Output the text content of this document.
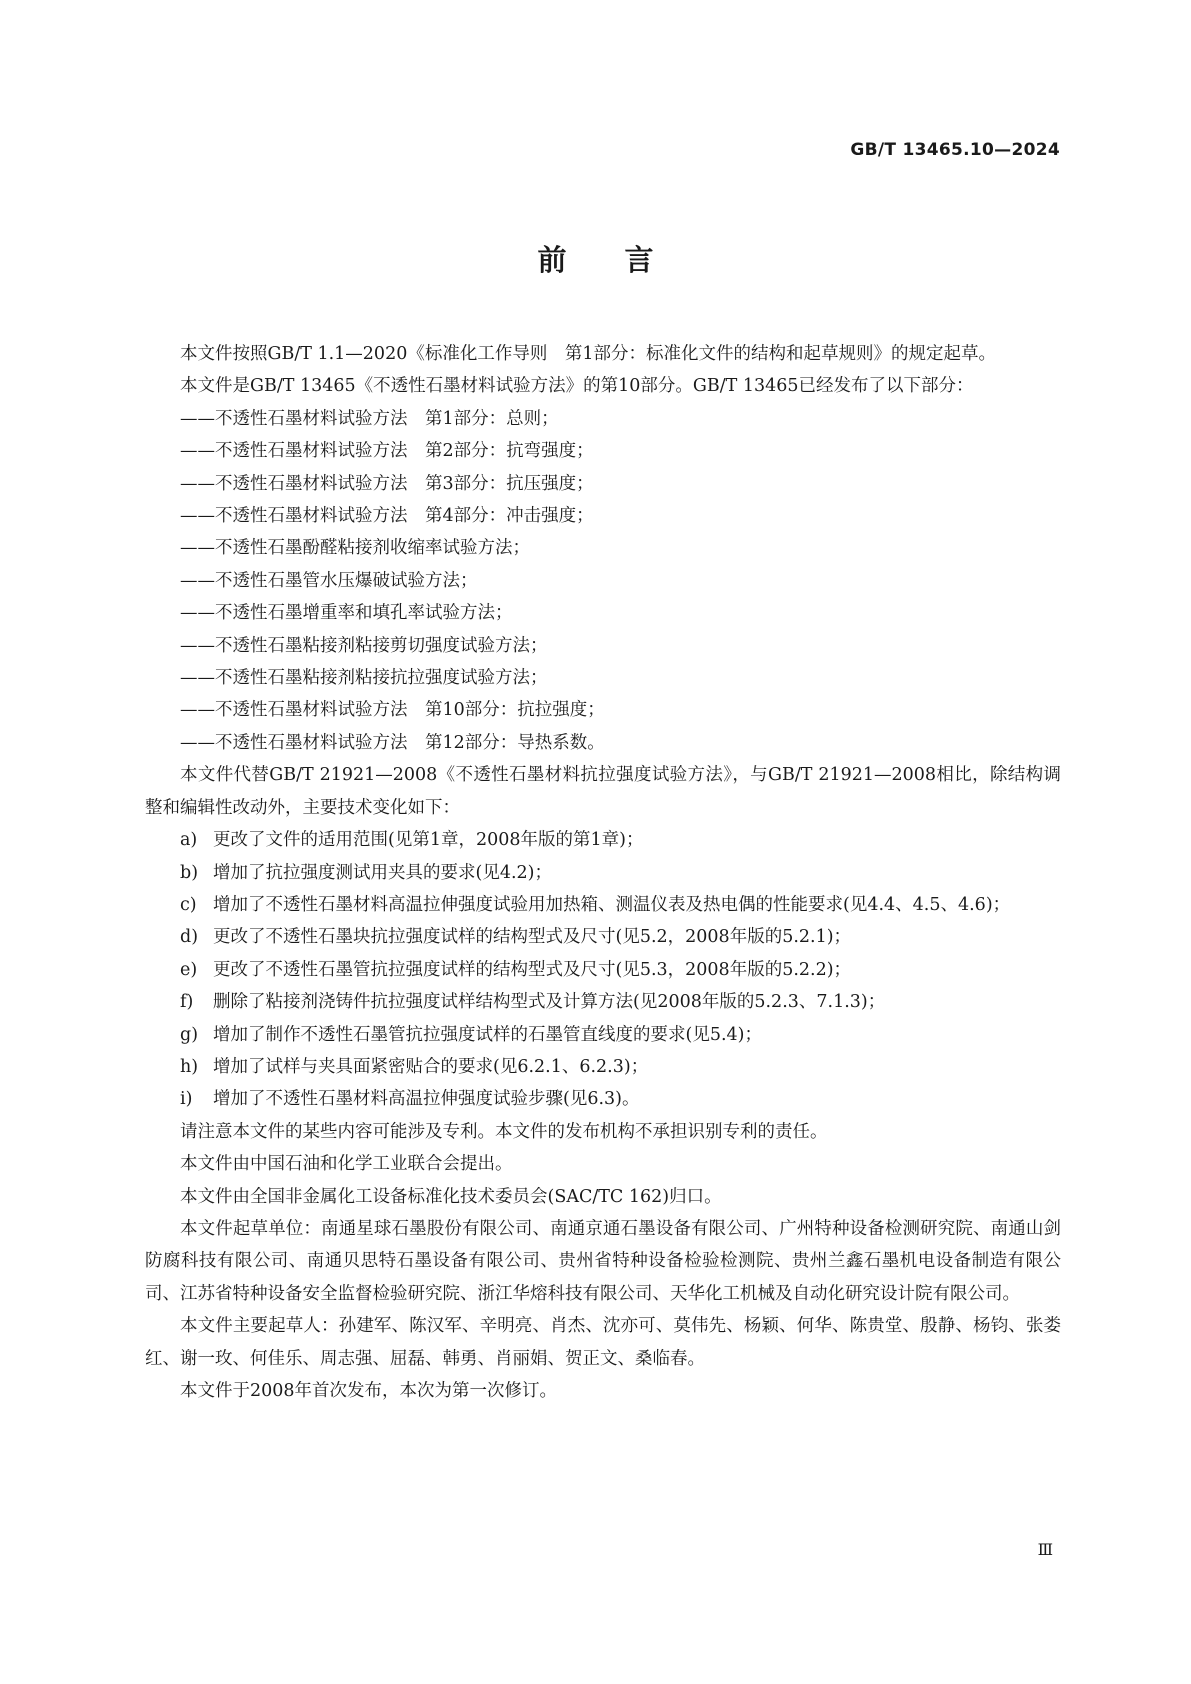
GB/T 13465.10—2024
前言

本文件按照GB/T 1.1—2020《标准化工作导则　第1部分：标准化文件的结构和起草规则》的规定起草。

本文件是GB/T 13465《不透性石墨材料试验方法》的第10部分。GB/T 13465已经发布了以下部分：

——不透性石墨材料试验方法　第1部分：总则；

——不透性石墨材料试验方法　第2部分：抗弯强度；

——不透性石墨材料试验方法　第3部分：抗压强度；

——不透性石墨材料试验方法　第4部分：冲击强度；

——不透性石墨酚醛粘接剂收缩率试验方法；

——不透性石墨管水压爆破试验方法；

——不透性石墨增重率和填孔率试验方法；

——不透性石墨粘接剂粘接剪切强度试验方法；

——不透性石墨粘接剂粘接抗拉强度试验方法；

——不透性石墨材料试验方法　第10部分：抗拉强度；

——不透性石墨材料试验方法　第12部分：导热系数。

本文件代替GB/T 21921—2008《不透性石墨材料抗拉强度试验方法》，与GB/T 21921—2008相比，除结构调整和编辑性改动外，主要技术变化如下：

a) 更改了文件的适用范围(见第1章，2008年版的第1章)；

b) 增加了抗拉强度测试用夹具的要求(见4.2)；

c) 增加了不透性石墨材料高温拉伸强度试验用加热箱、测温仪表及热电偶的性能要求(见4.4、4.5、4.6)；

d) 更改了不透性石墨块抗拉强度试样的结构型式及尺寸(见5.2，2008年版的5.2.1)；

e) 更改了不透性石墨管抗拉强度试样的结构型式及尺寸(见5.3，2008年版的5.2.2)；

f) 删除了粘接剂浇铸件抗拉强度试样结构型式及计算方法(见2008年版的5.2.3、7.1.3)；

g) 增加了制作不透性石墨管抗拉强度试样的石墨管直线度的要求(见5.4)；

h) 增加了试样与夹具面紧密贴合的要求(见6.2.1、6.2.3)；

i) 增加了不透性石墨材料高温拉伸强度试验步骤(见6.3)。

请注意本文件的某些内容可能涉及专利。本文件的发布机构不承担识别专利的责任。

本文件由中国石油和化学工业联合会提出。

本文件由全国非金属化工设备标准化技术委员会(SAC/TC 162)归口。

本文件起草单位：南通星球石墨股份有限公司、南通京通石墨设备有限公司、广州特种设备检测研究院、南通山剑防腐科技有限公司、南通贝思特石墨设备有限公司、贵州省特种设备检验检测院、贵州兰鑫石墨机电设备制造有限公司、江苏省特种设备安全监督检验研究院、浙江华熔科技有限公司、天华化工机械及自动化研究设计院有限公司。

本文件主要起草人：孙建军、陈汉军、辛明亮、肖杰、沈亦可、莫伟先、杨颖、何华、陈贵堂、殷静、杨钧、张娄红、谢一玫、何佳乐、周志强、屈磊、韩勇、肖丽娟、贺正文、桑临春。

本文件于2008年首次发布，本次为第一次修订。

Ⅲ
